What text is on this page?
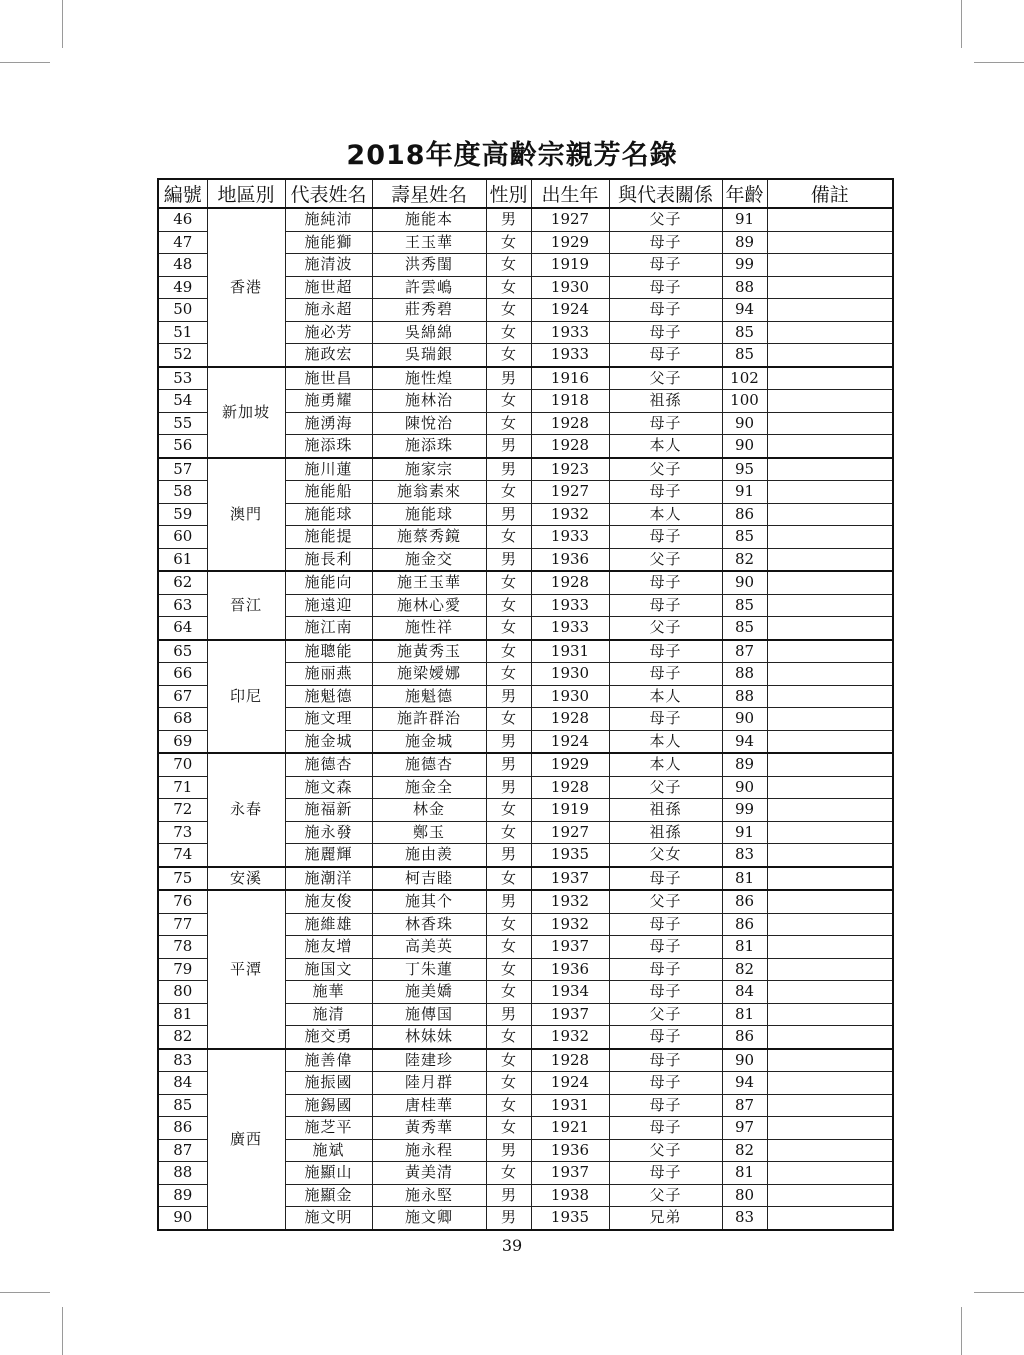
2018年度高齡宗親芳名錄
編號	地區別	代表姓名	壽星姓名	性別	出生年	與代表關係	年齡	備註
46	香港	施純沛	施能本	男	1927	父子	91	
47		施能獅	王玉華	女	1929	母子	89	
48		施清波	洪秀閨	女	1919	母子	99	
49		施世超	許雲嶋	女	1930	母子	88	
50		施永超	莊秀碧	女	1924	母子	94	
51		施必芳	吳綿綿	女	1933	母子	85	
52		施政宏	吳瑞銀	女	1933	母子	85	
53	新加坡	施世昌	施性煌	男	1916	父子	102	
54		施勇耀	施林治	女	1918	祖孫	100	
55		施湧海	陳悅治	女	1928	母子	90	
56		施添珠	施添珠	男	1928	本人	90	
57	澳門	施川蓮	施家宗	男	1923	父子	95	
58		施能船	施翁素來	女	1927	母子	91	
59		施能球	施能球	男	1932	本人	86	
60		施能提	施蔡秀鏡	女	1933	母子	85	
61		施長利	施金交	男	1936	父子	82	
62	晉江	施能向	施王玉華	女	1928	母子	90	
63		施遠迎	施林心愛	女	1933	母子	85	
64		施江南	施性祥	女	1933	父子	85	
65	印尼	施聰能	施黃秀玉	女	1931	母子	87	
66		施丽燕	施梁嬡娜	女	1930	母子	88	
67		施魁德	施魁德	男	1930	本人	88	
68		施文理	施許群治	女	1928	母子	90	
69		施金城	施金城	男	1924	本人	94	
70	永春	施德杏	施德杏	男	1929	本人	89	
71		施文森	施金全	男	1928	父子	90	
72		施福新	林金	女	1919	祖孫	99	
73		施永發	鄭玉	女	1927	祖孫	91	
74		施麗輝	施由羨	男	1935	父女	83	
75	安溪	施潮洋	柯吉睦	女	1937	母子	81	
76	平潭	施友俊	施其个	男	1932	父子	86	
77		施維雄	林香珠	女	1932	母子	86	
78		施友增	高美英	女	1937	母子	81	
79		施国文	丁朱蓮	女	1936	母子	82	
80		施華	施美嬌	女	1934	母子	84	
81		施清	施傳国	男	1937	父子	81	
82		施交勇	林妹妹	女	1932	母子	86	
83	廣西	施善偉	陸建珍	女	1928	母子	90	
84		施振國	陸月群	女	1924	母子	94	
85		施錫國	唐桂華	女	1931	母子	87	
86		施芝平	黃秀華	女	1921	母子	97	
87		施斌	施永程	男	1936	父子	82	
88		施顯山	黃美清	女	1937	母子	81	
89		施顯金	施永堅	男	1938	父子	80	
90		施文明	施文卿	男	1935	兄弟	83	

39
